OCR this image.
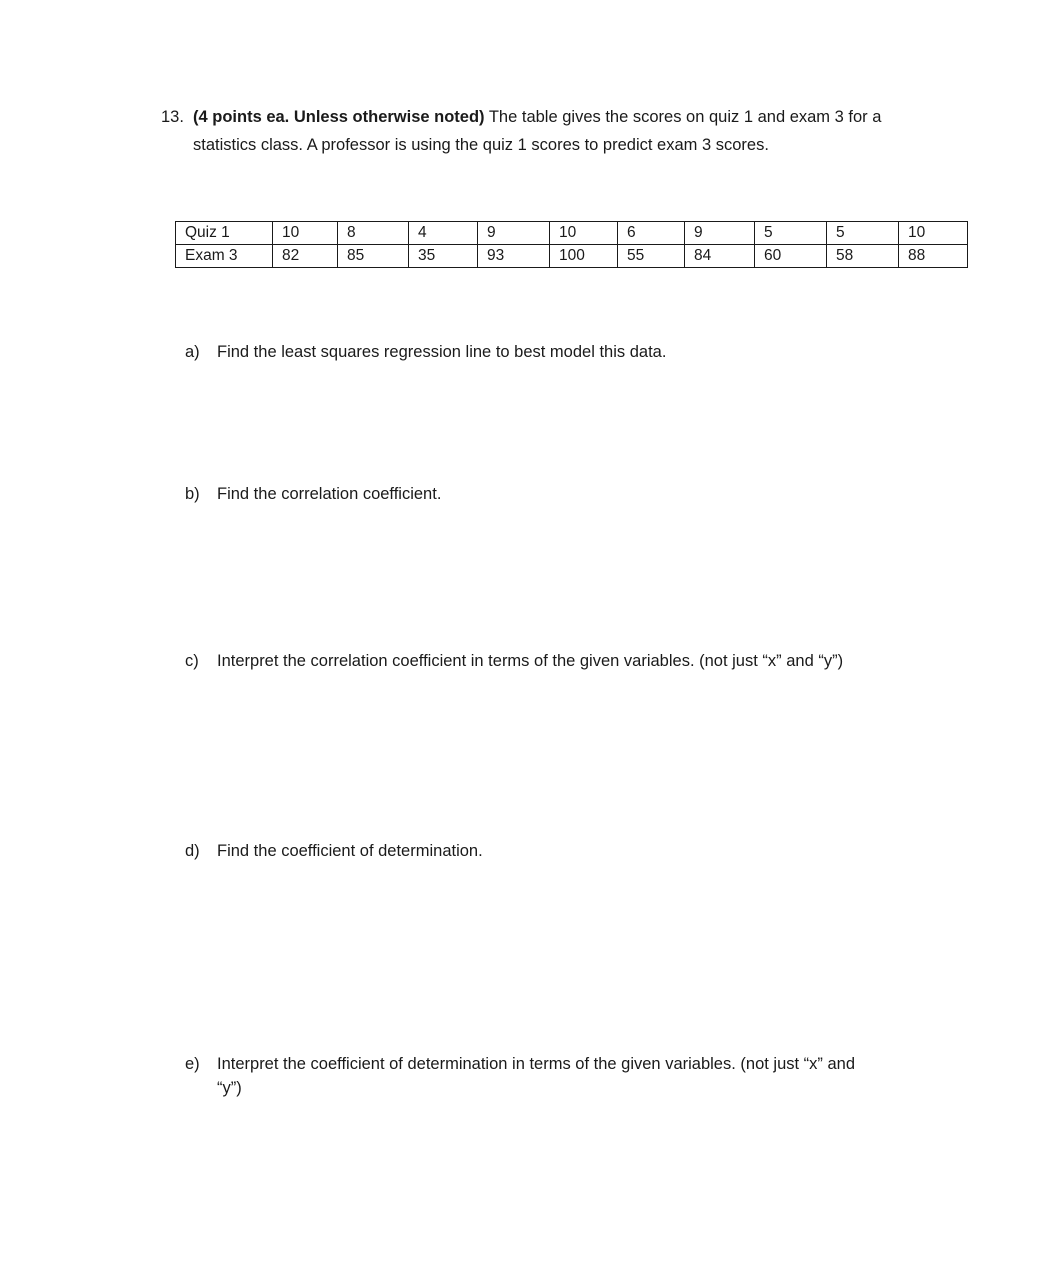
13. (4 points ea. Unless otherwise noted) The table gives the scores on quiz 1 and exam 3 for a
statistics class. A professor is using the quiz 1 scores to predict exam 3 scores.
Quiz 1	10	8	4	9	10	6	9	5	5	10
Exam 3	82	85	35	93	100	55	84	60	58	88
a) Find the least squares regression line to best model this data.
b) Find the correlation coefficient.
c) Interpret the correlation coefficient in terms of the given variables. (not just “x” and “y”)
d) Find the coefficient of determination.
e) Interpret the coefficient of determination in terms of the given variables. (not just “x” and
“y”)
